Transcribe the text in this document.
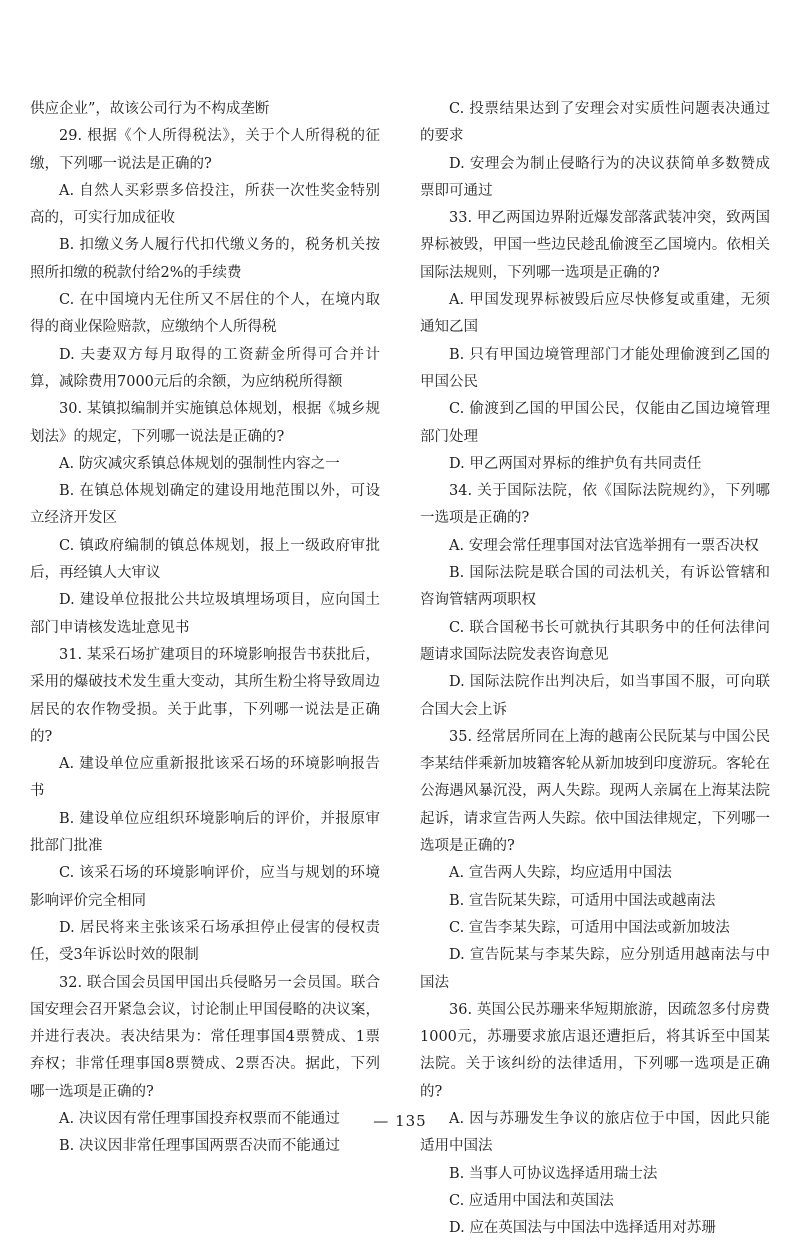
供应企业”，故该公司行为不构成垄断

29. 根据《个人所得税法》，关于个人所得税的征缴，下列哪一说法是正确的?

A. 自然人买彩票多倍投注，所获一次性奖金特别高的，可实行加成征收

B. 扣缴义务人履行代扣代缴义务的，税务机关按照所扣缴的税款付给2%的手续费

C. 在中国境内无住所又不居住的个人，在境内取得的商业保险赔款，应缴纳个人所得税

D. 夫妻双方每月取得的工资薪金所得可合并计算，减除费用7000元后的余额，为应纳税所得额

30. 某镇拟编制并实施镇总体规划，根据《城乡规划法》的规定，下列哪一说法是正确的?

A. 防灾减灾系镇总体规划的强制性内容之一

B. 在镇总体规划确定的建设用地范围以外，可设立经济开发区

C. 镇政府编制的镇总体规划，报上一级政府审批后，再经镇人大审议

D. 建设单位报批公共垃圾填埋场项目，应向国土部门申请核发选址意见书

31. 某采石场扩建项目的环境影响报告书获批后，采用的爆破技术发生重大变动，其所生粉尘将导致周边居民的农作物受损。关于此事，下列哪一说法是正确的?

A. 建设单位应重新报批该采石场的环境影响报告书

B. 建设单位应组织环境影响后的评价，并报原审批部门批准

C. 该采石场的环境影响评价，应当与规划的环境影响评价完全相同

D. 居民将来主张该采石场承担停止侵害的侵权责任，受3年诉讼时效的限制

32. 联合国会员国甲国出兵侵略另一会员国。联合国安理会召开紧急会议，讨论制止甲国侵略的决议案，并进行表决。表决结果为：常任理事国4票赞成、1票弃权；非常任理事国8票赞成、2票否决。据此，下列哪一选项是正确的?

A. 决议因有常任理事国投弃权票而不能通过

B. 决议因非常任理事国两票否决而不能通过

C. 投票结果达到了安理会对实质性问题表决通过的要求

D. 安理会为制止侵略行为的决议获简单多数赞成票即可通过

33. 甲乙两国边界附近爆发部落武装冲突，致两国界标被毁，甲国一些边民趁乱偷渡至乙国境内。依相关国际法规则，下列哪一选项是正确的?

A. 甲国发现界标被毁后应尽快修复或重建，无须通知乙国

B. 只有甲国边境管理部门才能处理偷渡到乙国的甲国公民

C. 偷渡到乙国的甲国公民，仅能由乙国边境管理部门处理

D. 甲乙两国对界标的维护负有共同责任

34. 关于国际法院，依《国际法院规约》，下列哪一选项是正确的?

A. 安理会常任理事国对法官选举拥有一票否决权

B. 国际法院是联合国的司法机关，有诉讼管辖和咨询管辖两项职权

C. 联合国秘书长可就执行其职务中的任何法律问题请求国际法院发表咨询意见

D. 国际法院作出判决后，如当事国不服，可向联合国大会上诉

35. 经常居所同在上海的越南公民阮某与中国公民李某结伴乘新加坡籍客轮从新加坡到印度游玩。客轮在公海遇风暴沉没，两人失踪。现两人亲属在上海某法院起诉，请求宣告两人失踪。依中国法律规定，下列哪一选项是正确的?

A. 宣告两人失踪，均应适用中国法

B. 宣告阮某失踪，可适用中国法或越南法

C. 宣告李某失踪，可适用中国法或新加坡法

D. 宣告阮某与李某失踪，应分别适用越南法与中国法

36. 英国公民苏珊来华短期旅游，因疏忽多付房费1000元，苏珊要求旅店退还遭拒后，将其诉至中国某法院。关于该纠纷的法律适用，下列哪一选项是正确的?

A. 因与苏珊发生争议的旅店位于中国，因此只能适用中国法

B. 当事人可协议选择适用瑞士法

C. 应适用中国法和英国法

D. 应在英国法与中国法中选择适用对苏珊

— 135
